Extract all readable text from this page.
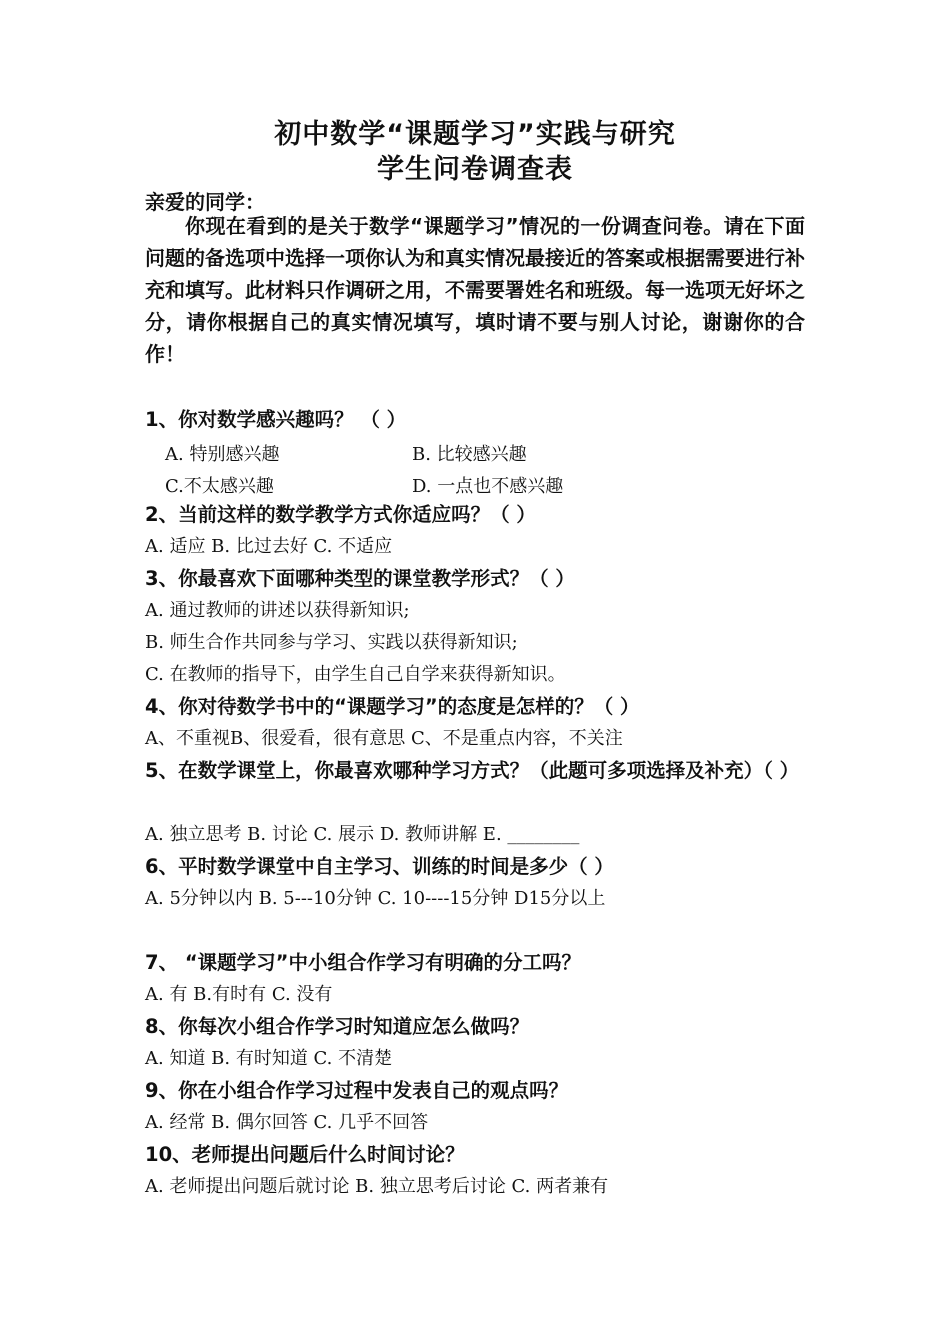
初中数学“课题学习”实践与研究
学生问卷调查表
亲爱的同学：
你现在看到的是关于数学“课题学习”情况的一份调查问卷。请在下面问题的备选项中选择一项你认为和真实情况最接近的答案或根据需要进行补充和填写。此材料只作调研之用，不需要署姓名和班级。每一选项无好坏之分，请你根据自己的真实情况填写，填时请不要与别人讨论，谢谢你的合作！
1、你对数学感兴趣吗？ （ ）
A. 特别感兴趣	B. 比较感兴趣
C.不太感兴趣	D. 一点也不感兴趣
2、当前这样的数学教学方式你适应吗？（ ）
A. 适应 B. 比过去好 C. 不适应
3、你最喜欢下面哪种类型的课堂教学形式？（ ）
A. 通过教师的讲述以获得新知识;
B. 师生合作共同参与学习、实践以获得新知识;
C. 在教师的指导下，由学生自己自学来获得新知识。
4、你对待数学书中的“课题学习”的态度是怎样的？（ ）
A、不重视B、很爱看，很有意思 C、不是重点内容，不关注
5、在数学课堂上，你最喜欢哪种学习方式？（此题可多项选择及补充）（ ）
A. 独立思考 B. 讨论 C. 展示 D. 教师讲解 E. ________
6、平时数学课堂中自主学习、训练的时间是多少（ ）
A. 5分钟以内 B. 5---10分钟 C. 10----15分钟 D15分以上
7、 “课题学习”中小组合作学习有明确的分工吗？
A. 有 B.有时有 C. 没有
8、你每次小组合作学习时知道应怎么做吗？
A. 知道 B. 有时知道 C. 不清楚
9、你在小组合作学习过程中发表自己的观点吗？
A. 经常 B. 偶尔回答 C. 几乎不回答
10、老师提出问题后什么时间讨论？
A. 老师提出问题后就讨论 B. 独立思考后讨论 C. 两者兼有
